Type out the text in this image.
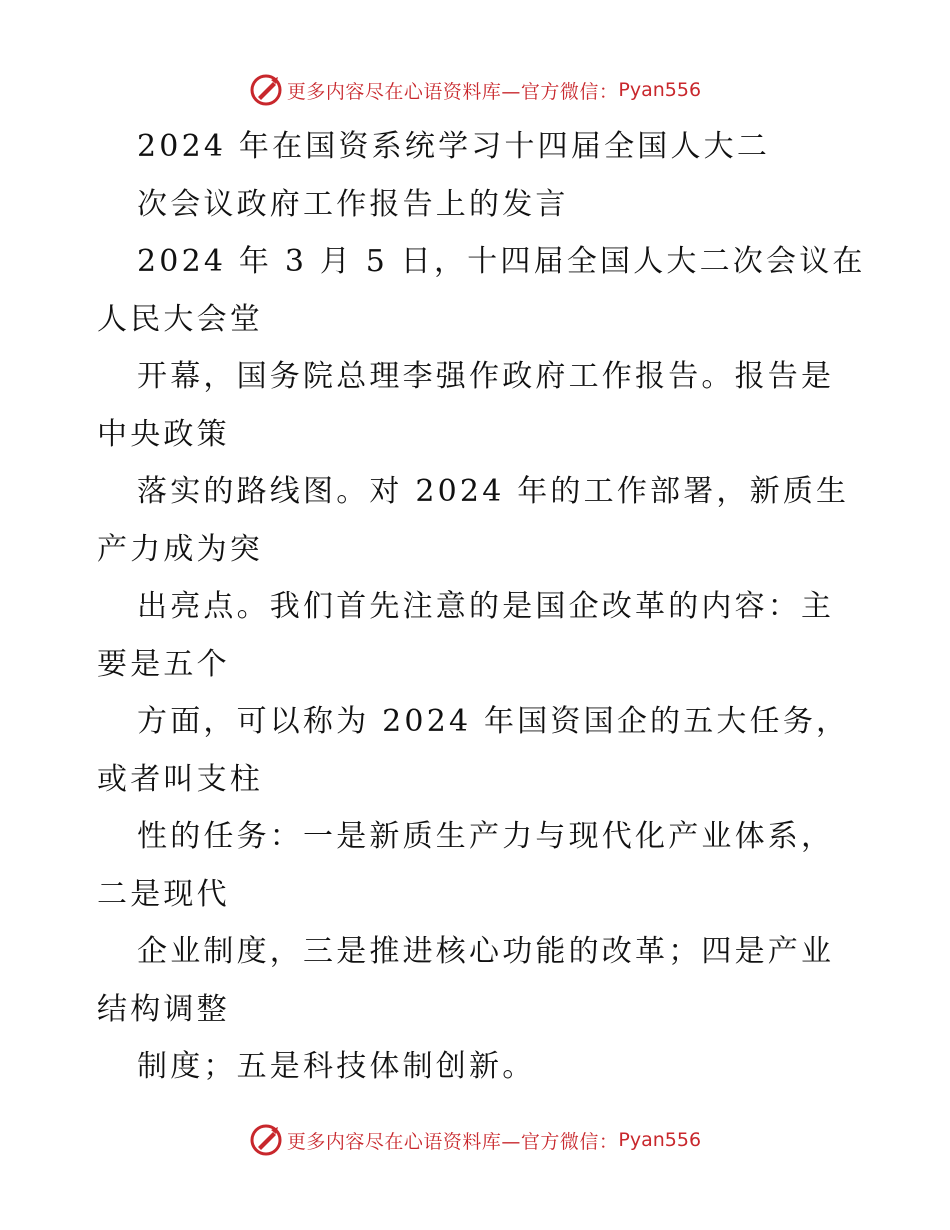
更多内容尽在心语资料库—官方微信： Pyan556
2024 年在国资系统学习十四届全国人大二
次会议政府工作报告上的发言
2024 年 3 月 5 日，十四届全国人大二次会议在
人民大会堂
开幕，国务院总理李强作政府工作报告。报告是
中央政策
落实的路线图。对 2024 年的工作部署，新质生
产力成为突
出亮点。我们首先注意的是国企改革的内容：主
要是五个
方面，可以称为 2024 年国资国企的五大任务，
或者叫支柱
性的任务：一是新质生产力与现代化产业体系，
二是现代
企业制度，三是推进核心功能的改革；四是产业
结构调整
制度；五是科技体制创新。
更多内容尽在心语资料库—官方微信： Pyan556
